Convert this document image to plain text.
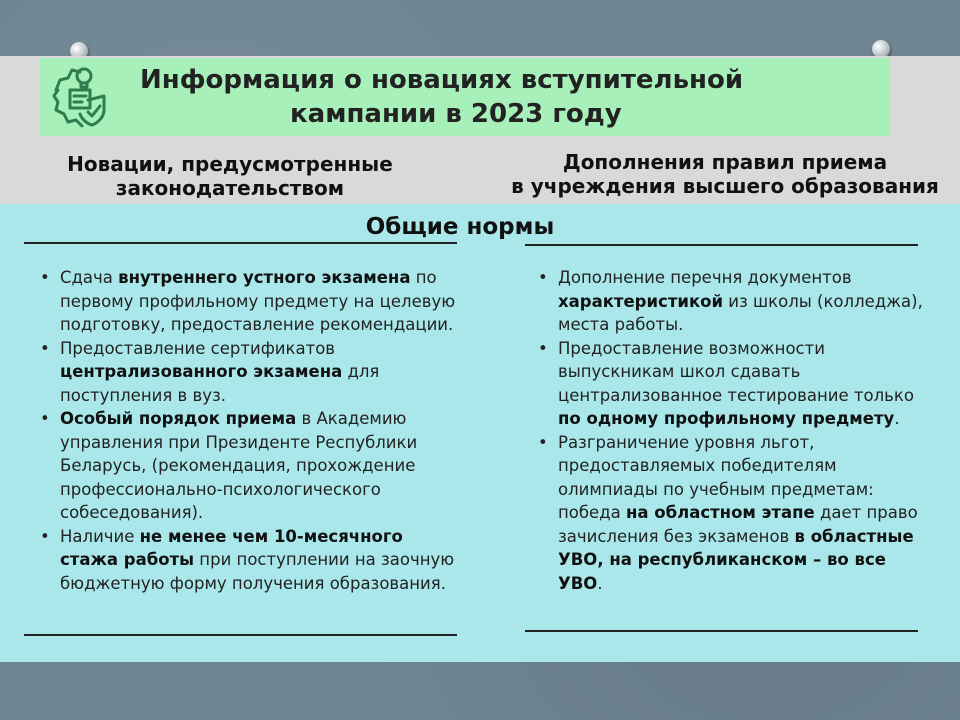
Информация о новациях вступительной
кампании в 2023 году
Новации, предусмотренные
законодательством
Дополнения правил приема
в учреждения высшего образования
Общие нормы
• Сдача внутреннего устного экзамена по первому профильному предмету на целевую подготовку, предоставление рекомендации.
• Предоставление сертификатов централизованного экзамена для поступления в вуз.
• Особый порядок приема в Академию управления при Президенте Республики Беларусь, (рекомендация, прохождение профессионально-психологического собеседования).
• Наличие не менее чем 10-месячного стажа работы при поступлении на заочную бюджетную форму получения образования.
• Дополнение перечня документов характеристикой из школы (колледжа), места работы.
• Предоставление возможности выпускникам школ сдавать централизованное тестирование только по одному профильному предмету.
• Разграничение уровня льгот, предоставляемых победителям олимпиады по учебным предметам: победа на областном этапе дает право зачисления без экзаменов в областные УВО, на республиканском – во все УВО.
